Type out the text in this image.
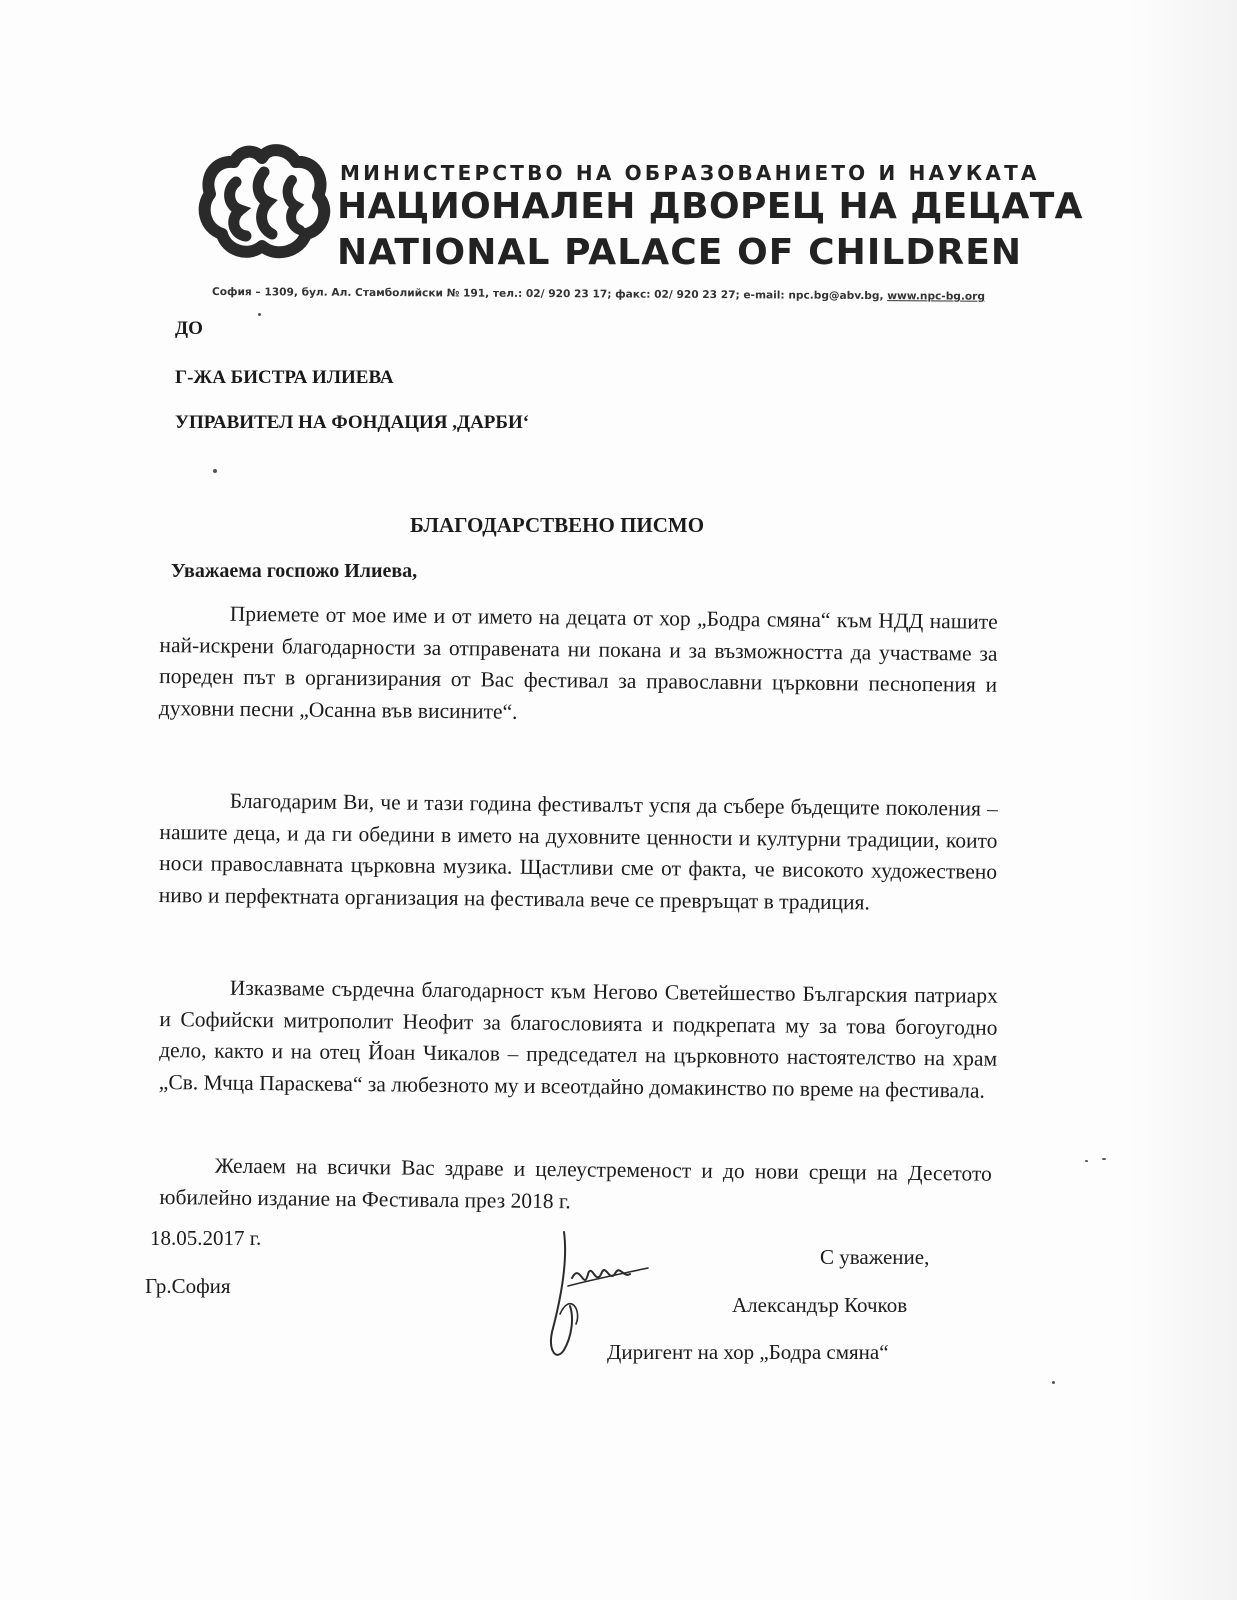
МИНИСТЕРСТВО НА ОБРАЗОВАНИЕТО И НАУКАТА
НАЦИОНАЛЕН ДВОРЕЦ НА ДЕЦАТА
NATIONAL PALACE OF CHILDREN
София – 1309, бул. Ал. Стамболийски № 191, тел.: 02/ 920 23 17; факс: 02/ 920 23 27; e-mail: npc.bg@abv.bg, www.npc-bg.org
ДО
Г-ЖА БИСТРА ИЛИЕВА
УПРАВИТЕЛ НА ФОНДАЦИЯ ,ДАРБИ‘
БЛАГОДАРСТВЕНО ПИСМО
Уважаема госпожо Илиева,

Приемете от мое име и от името на децата от хор „Бодра смяна“ към НДД нашите най-искрени благодарности за отправената ни покана и за възможността да участваме за пореден път в организирания от Вас фестивал за православни църковни песнопения и духовни песни „Осанна във висините“.

Благодарим Ви, че и тази година фестивалът успя да събере бъдещите поколения – нашите деца, и да ги обедини в името на духовните ценности и културни традиции, които носи православната църковна музика. Щастливи сме от факта, че високото художествено ниво и перфектната организация на фестивала вече се превръщат в традиция.

Изказваме сърдечна благодарност към Негово Светейшество Българския патриарх и Софийски митрополит Неофит за благословията и подкрепата му за това богоугодно дело, както и на отец Йоан Чикалов – председател на църковното настоятелство на храм „Св. Мчца Параскева“ за любезното му и всеотдайно домакинство по време на фестивала.

Желаем на всички Вас здраве и целеустременост и до нови срещи на Десетото юбилейно издание на Фестивала през 2018 г.

18.05.2017 г.
Гр.София
С уважение,
Александър Кочков
Диригент на хор „Бодра смяна“
